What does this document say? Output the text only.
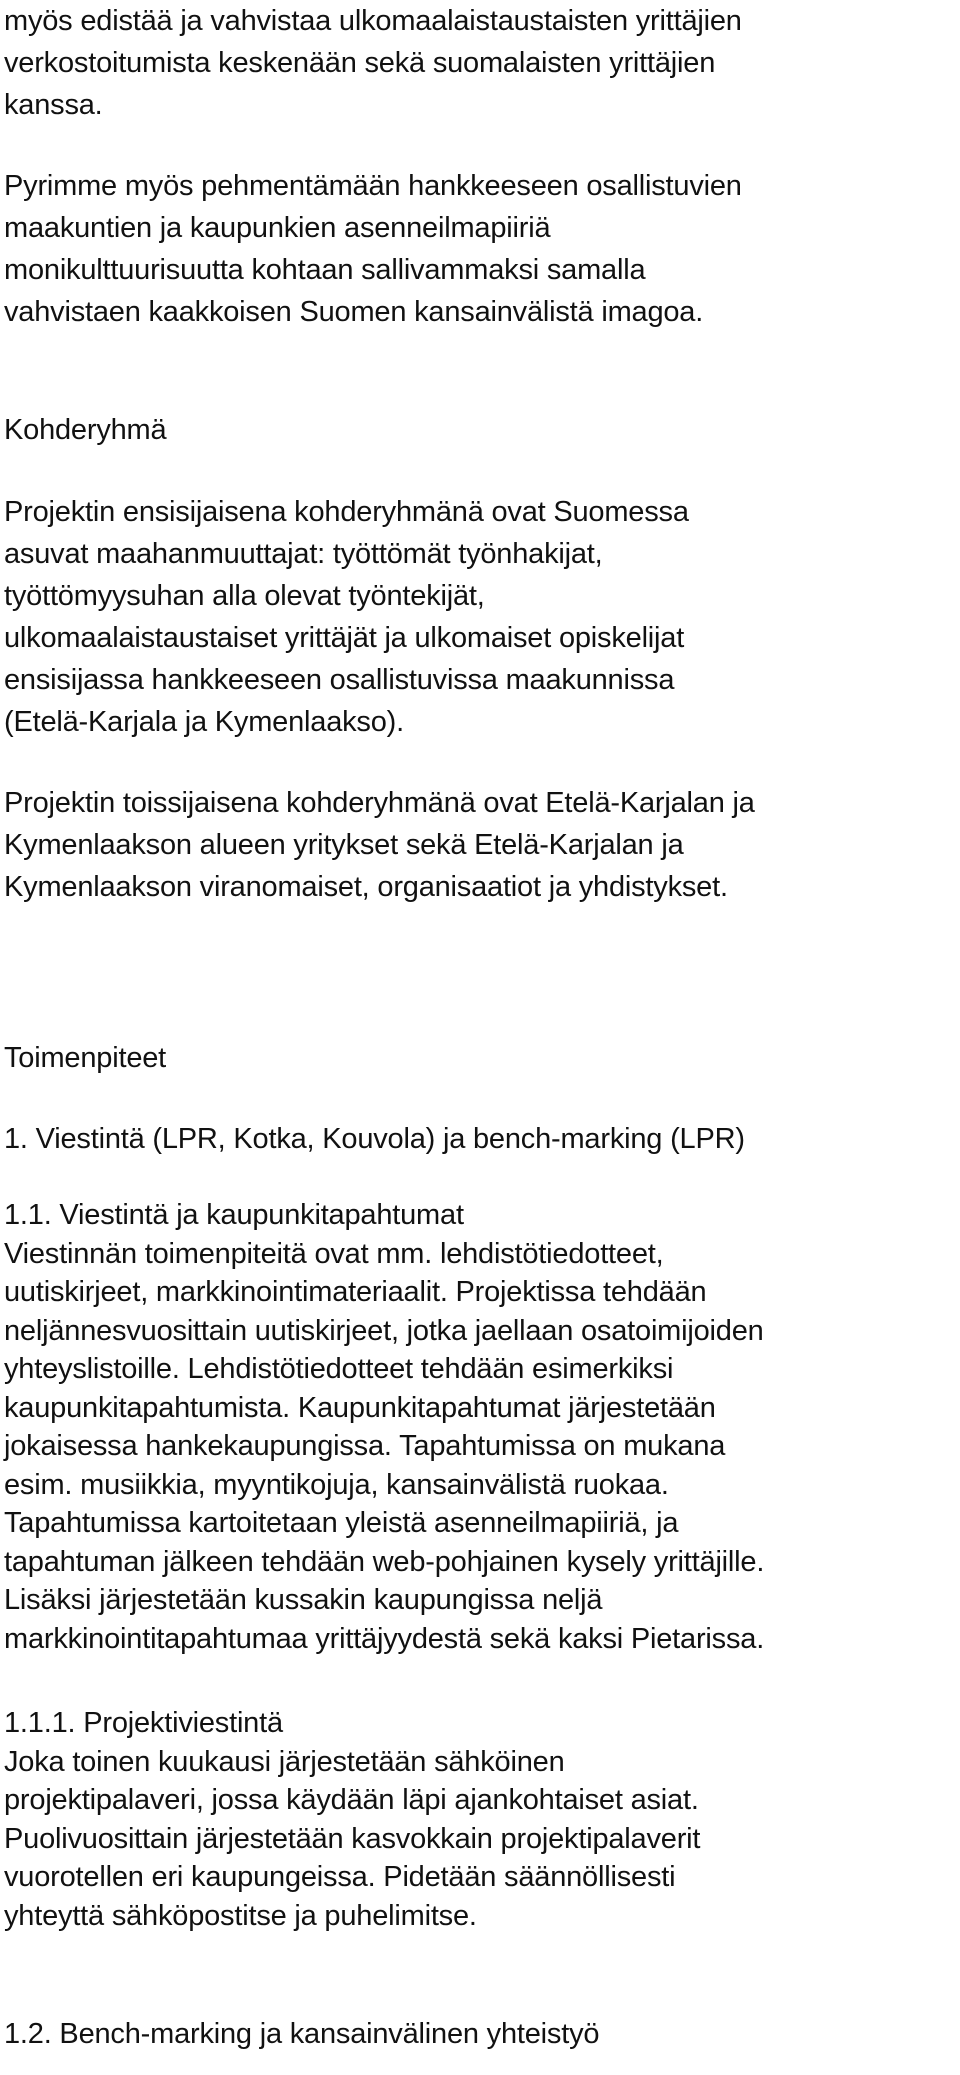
myös edistää ja vahvistaa ulkomaalaistaustaisten yrittäjien
verkostoitumista keskenään sekä suomalaisten yrittäjien
kanssa.
Pyrimme myös pehmentämään hankkeeseen osallistuvien
maakuntien ja kaupunkien asenneilmapiiriä
monikulttuurisuutta kohtaan sallivammaksi samalla
vahvistaen kaakkoisen Suomen kansainvälistä imagoa.
Kohderyhmä
Projektin ensisijaisena kohderyhmänä ovat Suomessa
asuvat maahanmuuttajat: työttömät työnhakijat,
työttömyysuhan alla olevat työntekijät,
ulkomaalaistaustaiset yrittäjät ja ulkomaiset opiskelijat
ensisijassa hankkeeseen osallistuvissa maakunnissa
(Etelä-Karjala ja Kymenlaakso).
Projektin toissijaisena kohderyhmänä ovat Etelä-Karjalan ja
Kymenlaakson alueen yritykset sekä Etelä-Karjalan ja
Kymenlaakson viranomaiset, organisaatiot ja yhdistykset.
Toimenpiteet
1. Viestintä (LPR, Kotka, Kouvola) ja bench-marking (LPR)
1.1. Viestintä ja kaupunkitapahtumat
Viestinnän toimenpiteitä ovat mm. lehdistötiedotteet,
uutiskirjeet, markkinointimateriaalit. Projektissa tehdään
neljännesvuosittain uutiskirjeet, jotka jaellaan osatoimijoiden
yhteyslistoille. Lehdistötiedotteet tehdään esimerkiksi
kaupunkitapahtumista. Kaupunkitapahtumat järjestetään
jokaisessa hankekaupungissa. Tapahtumissa on mukana
esim. musiikkia, myyntikojuja, kansainvälistä ruokaa.
Tapahtumissa kartoitetaan yleistä asenneilmapiiriä, ja
tapahtuman jälkeen tehdään web-pohjainen kysely yrittäjille.
Lisäksi järjestetään kussakin kaupungissa neljä
markkinointitapahtumaa yrittäjyydestä sekä kaksi Pietarissa.
1.1.1. Projektiviestintä
Joka toinen kuukausi järjestetään sähköinen
projektipalaveri, jossa käydään läpi ajankohtaiset asiat.
Puolivuosittain järjestetään kasvokkain projektipalaverit
vuorotellen eri kaupungeissa. Pidetään säännöllisesti
yhteyttä sähköpostitse ja puhelimitse.
1.2. Bench-marking ja kansainvälinen yhteistyö
